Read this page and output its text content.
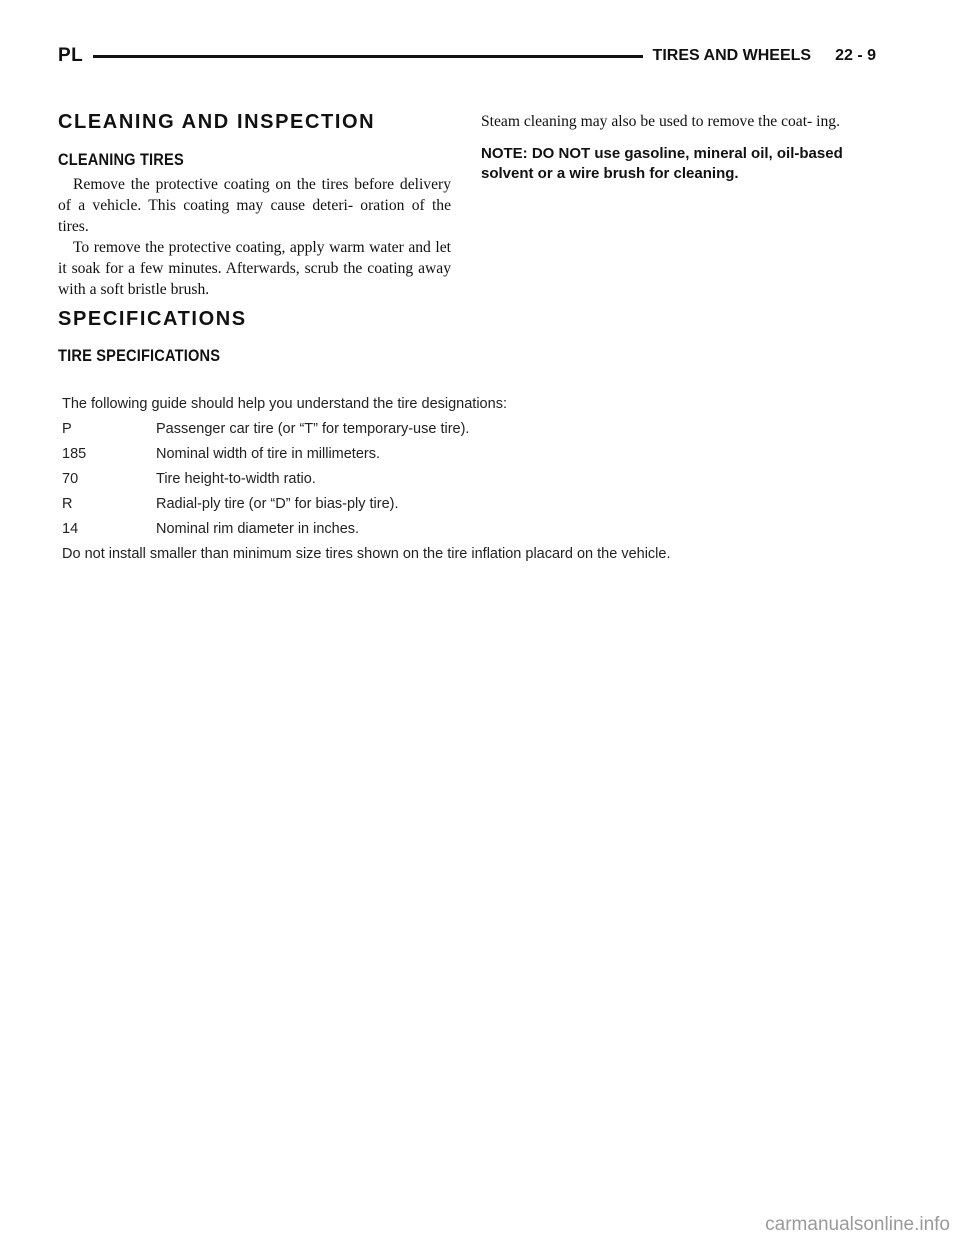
PL	TIRES AND WHEELS 22 - 9
CLEANING AND INSPECTION
CLEANING TIRES

Remove the protective coating on the tires before delivery of a vehicle. This coating may cause deteri- oration of the tires.

To remove the protective coating, apply warm water and let it soak for a few minutes. Afterwards, scrub the coating away with a soft bristle brush.

Steam cleaning may also be used to remove the coat- ing.

NOTE: DO NOT use gasoline, mineral oil, oil-based
solvent or a wire brush for cleaning.
SPECIFICATIONS
TIRE SPECIFICATIONS
The following guide should help you understand the tire designations:
P	Passenger car tire (or “T” for temporary-use tire).
185	Nominal width of tire in millimeters.
70	Tire height-to-width ratio.
R	Radial-ply tire (or “D” for bias-ply tire).
14	Nominal rim diameter in inches.
Do not install smaller than minimum size tires shown on the tire inflation placard on the vehicle.
carmanualsonline.info
